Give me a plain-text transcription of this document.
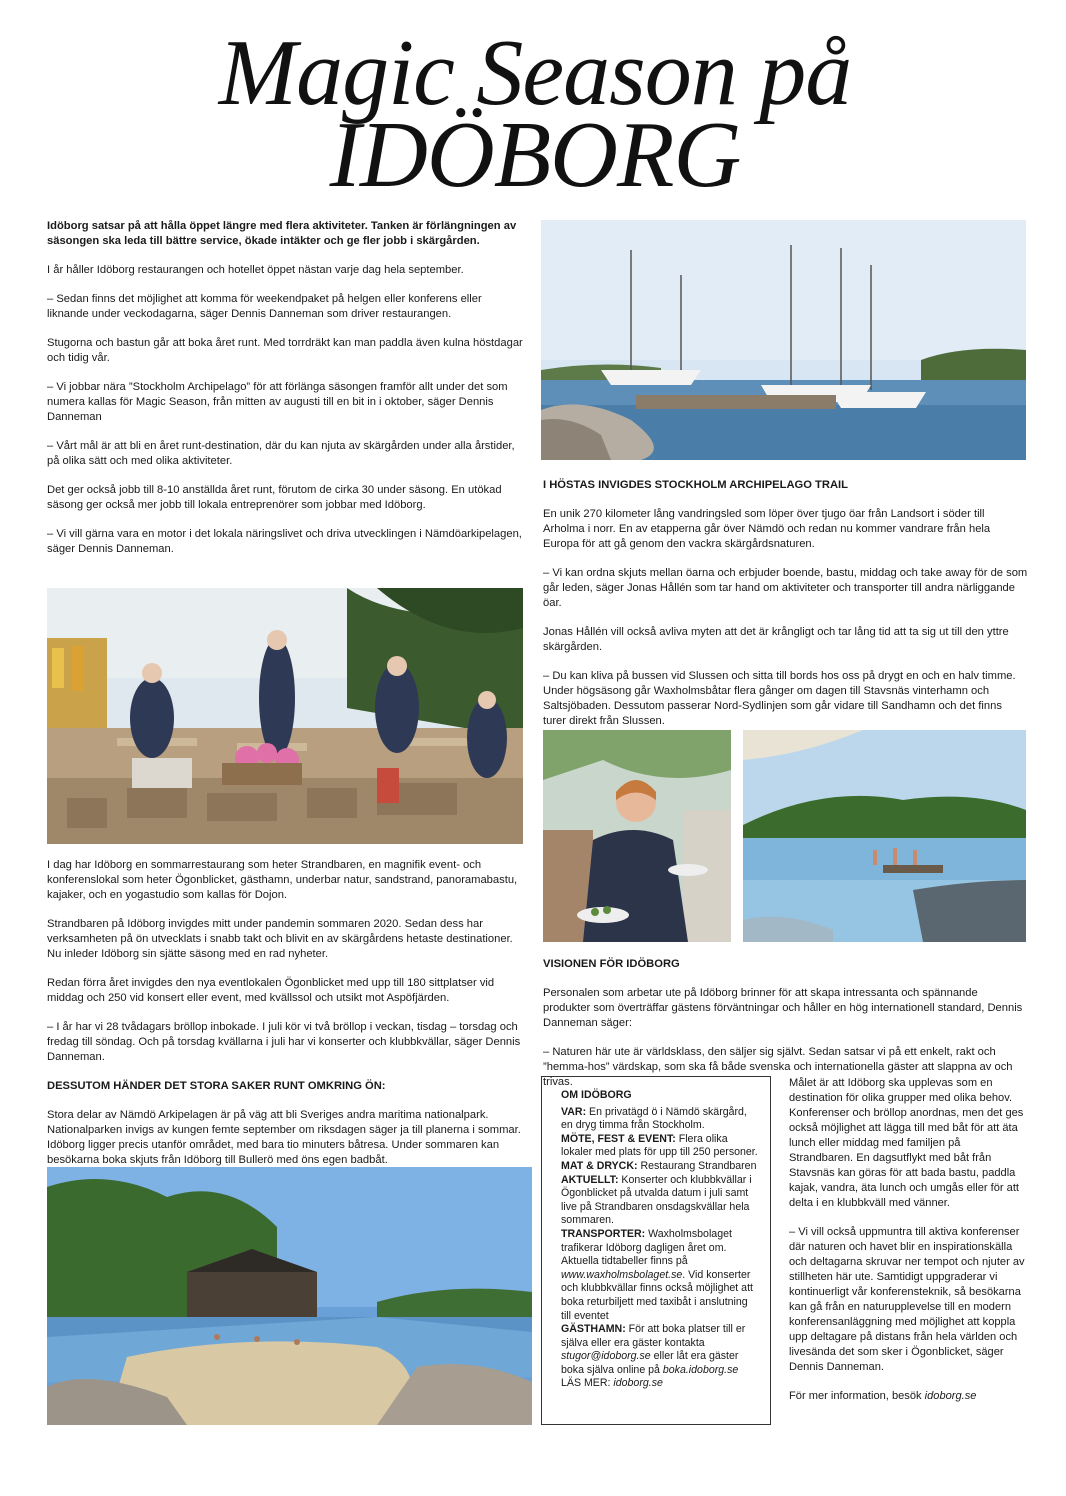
Magic Season på IDÖBORG

Idöborg satsar på att hålla öppet längre med flera aktiviteter. Tanken är förlängningen av säsongen ska leda till bättre service, ökade intäkter och ge fler jobb i skärgården.

I år håller Idöborg restaurangen och hotellet öppet nästan varje dag hela september.

– Sedan finns det möjlighet att komma för weekendpaket på helgen eller konferens eller liknande under veckodagarna, säger Dennis Danneman som driver restaurangen.

Stugorna och bastun går att boka året runt. Med torrdräkt kan man paddla även kulna höstdagar och tidig vår.

– Vi jobbar nära ”Stockholm Archipelago” för att förlänga säsongen framför allt under det som numera kallas för Magic Season, från mitten av augusti till en bit in i oktober, säger Dennis Danneman

– Vårt mål är att bli en året runt-destination, där du kan njuta av skärgården under alla årstider, på olika sätt och med olika aktiviteter.

Det ger också jobb till 8-10 anställda året runt, förutom de cirka 30 under säsong. En utökad säsong ger också mer jobb till lokala entreprenörer som jobbar med Idöborg.

– Vi vill gärna vara en motor i det lokala näringslivet och driva utvecklingen i Nämdöarkipelagen, säger Dennis Danneman.

I dag har Idöborg en sommarrestaurang som heter Strandbaren, en magnifik event- och konferenslokal som heter Ögonblicket, gästhamn, underbar natur, sandstrand, panoramabastu, kajaker, och en yogastudio som kallas för Dojon.

Strandbaren på Idöborg invigdes mitt under pandemin sommaren 2020. Sedan dess har verksamheten på ön utvecklats i snabb takt och blivit en av skärgårdens hetaste destinationer. Nu inleder Idöborg sin sjätte säsong med en rad nyheter.

Redan förra året invigdes den nya eventlokalen Ögonblicket med upp till 180 sittplatser vid middag och 250 vid konsert eller event, med kvällssol och utsikt mot Aspöfjärden.

– I år har vi 28 tvådagars bröllop inbokade. I juli kör vi två bröllop i veckan, tisdag – torsdag och fredag till söndag. Och på torsdag kvällarna i juli har vi konserter och klubbkvällar, säger Dennis Danneman.

DESSUTOM HÄNDER DET STORA SAKER RUNT OMKRING ÖN:

Stora delar av Nämdö Arkipelagen är på väg att bli Sveriges andra maritima nationalpark. Nationalparken invigs av kungen femte september om riksdagen säger ja till planerna i sommar. Idöborg ligger precis utanför området, med bara tio minuters båtresa. Under sommaren kan besökarna boka skjuts från Idöborg till Bullerö med öns egen badbåt.

I HÖSTAS INVIGDES STOCKHOLM ARCHIPELAGO TRAIL

En unik 270 kilometer lång vandringsled som löper över tjugo öar från Landsort i söder till Arholma i norr. En av etapperna går över Nämdö och redan nu kommer vandrare från hela Europa för att gå genom den vackra skärgårdsnaturen.

– Vi kan ordna skjuts mellan öarna och erbjuder boende, bastu, middag och take away för de som går leden, säger Jonas Hållén som tar hand om aktiviteter och transporter till andra närliggande öar.

Jonas Hållén vill också avliva myten att det är krångligt och tar lång tid att ta sig ut till den yttre skärgården.

– Du kan kliva på bussen vid Slussen och sitta till bords hos oss på drygt en och en halv timme. Under högsäsong går Waxholmsbåtar flera gånger om dagen till Stavsnäs vinterhamn och Saltsjöbaden. Dessutom passerar Nord-Sydlinjen som går vidare till Sandhamn och det finns turer direkt från Slussen.

VISIONEN FÖR IDÖBORG

Personalen som arbetar ute på Idöborg brinner för att skapa intressanta och spännande produkter som överträffar gästens förväntningar och håller en hög internationell standard, Dennis Danneman säger:

– Naturen här ute är världsklass, den säljer sig självt. Sedan satsar vi på ett enkelt, rakt och ”hemma-hos” värdskap, som ska få både svenska och internationella gäster att slappna av och trivas.

OM IDÖBORG

VAR: En privatägd ö i Nämdö skärgård, en dryg timma från Stockholm.

MÖTE, FEST & EVENT: Flera olika lokaler med plats för upp till 250 personer.

MAT & DRYCK: Restaurang Strandbaren

AKTUELLT: Konserter och klubbkvällar i Ögonblicket på utvalda datum i juli samt live på Strandbaren onsdagskvällar hela sommaren.

TRANSPORTER: Waxholmsbolaget trafikerar Idöborg dagligen året om. Aktuella tidtabeller finns på www.waxholmsbolaget.se. Vid konserter och klubbkvällar finns också möjlighet att boka returbiljett med taxibåt i anslutning till eventet

GÄSTHAMN: För att boka platser till er själva eller era gäster kontakta stugor@idoborg.se eller låt era gäster boka själva online på boka.idoborg.se

LÄS MER: idoborg.se

Målet är att Idöborg ska upplevas som en destination för olika grupper med olika behov. Konferenser och bröllop anordnas, men det ges också möjlighet att lägga till med båt för att äta lunch eller middag med familjen på Strandbaren. En dagsutflykt med båt från Stavsnäs kan göras för att bada bastu, paddla kajak, vandra, äta lunch och umgås eller för att delta i en klubbkväll med vänner.

– Vi vill också uppmuntra till aktiva konferenser där naturen och havet blir en inspirationskälla och deltagarna skruvar ner tempot och njuter av stillheten här ute. Samtidigt uppgraderar vi kontinuerligt vår konferensteknik, så besökarna kan gå från en naturupplevelse till en modern konferensanläggning med möjlighet att koppla upp deltagare på distans från hela världen och livesända det som sker i Ögonblicket, säger Dennis Danneman.

För mer information, besök idoborg.se
